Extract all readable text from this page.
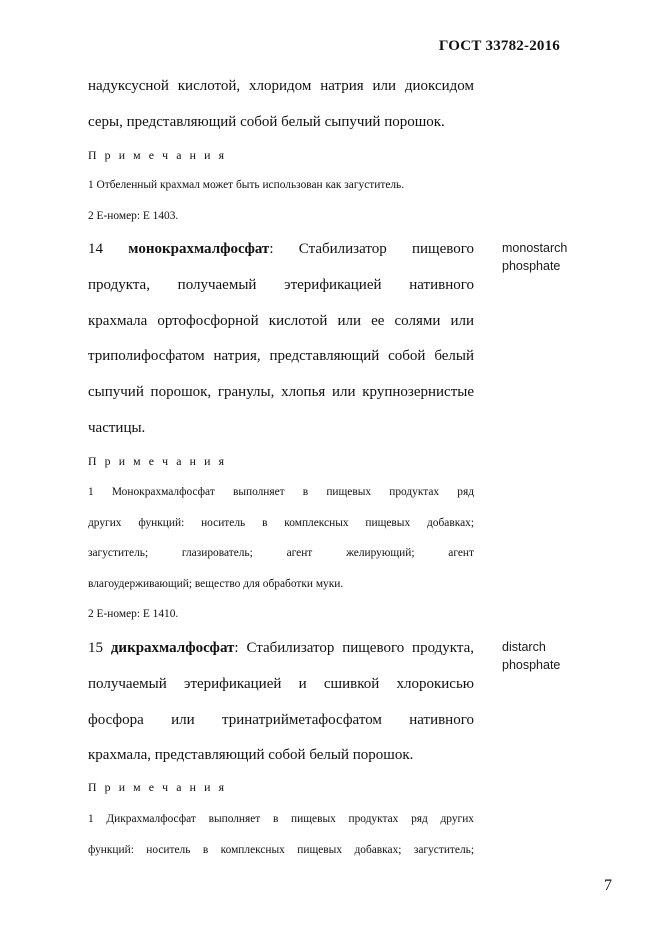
ГОСТ 33782-2016
надуксусной кислотой, хлоридом натрия или диоксидом
серы, представляющий собой белый сыпучий порошок.
П р и м е ч а н и я
1 Отбеленный крахмал может быть использован как загуститель.
2 Е-номер: Е 1403.
14 монокрахмалфосфат: Стабилизатор пищевого
продукта, получаемый этерификацией нативного
крахмала ортофосфорной кислотой или ее солями или
триполифосфатом натрия, представляющий собой белый
сыпучий порошок, гранулы, хлопья или крупнозернистые
частицы.
monostarch
phosphate
П р и м е ч а н и я
1 Монокрахмалфосфат выполняет в пищевых продуктах ряд
других функций: носитель в комплексных пищевых добавках;
загуститель; глазирователь; агент желирующий; агент
влагоудерживающий; вещество для обработки муки.
2 Е-номер: Е 1410.
15 дикрахмалфосфат: Стабилизатор пищевого продукта,
получаемый этерификацией и сшивкой хлорокисью
фосфора или тринатрийметафосфатом нативного
крахмала, представляющий собой белый порошок.
distarch
phosphate
П р и м е ч а н и я
1 Дикрахмалфосфат выполняет в пищевых продуктах ряд других
функций: носитель в комплексных пищевых добавках; загуститель;
7
